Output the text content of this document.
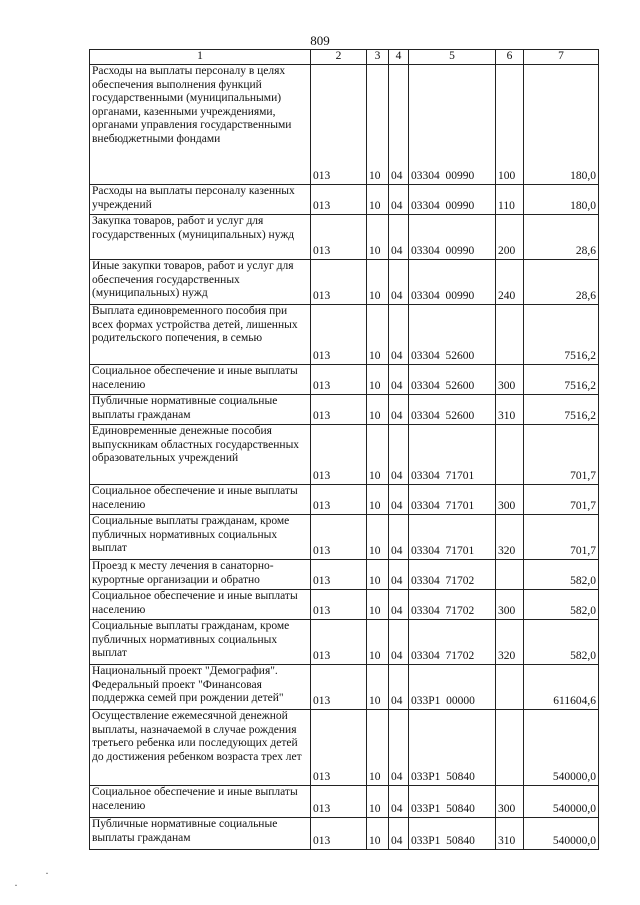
809
1	2	3	4	5	6	7
Расходы на выплаты персоналу в целях обеспечения выполнения функций государственными (муниципальными) органами, казенными учреждениями, органами управления государственными внебюджетными фондами	013	10	04	03304  00990	100	180,0
Расходы на выплаты персоналу казенных учреждений	013	10	04	03304  00990	110	180,0
Закупка товаров, работ и услуг для государственных (муниципальных) нужд	013	10	04	03304  00990	200	28,6
Иные закупки товаров, работ и услуг для обеспечения государственных (муниципальных) нужд	013	10	04	03304  00990	240	28,6
Выплата единовременного пособия при всех формах устройства детей, лишенных родительского попечения, в семью	013	10	04	03304  52600		7516,2
Социальное обеспечение и иные выплаты населению	013	10	04	03304  52600	300	7516,2
Публичные нормативные социальные выплаты гражданам	013	10	04	03304  52600	310	7516,2
Единовременные денежные пособия выпускникам областных государственных образовательных учреждений	013	10	04	03304  71701		701,7
Социальное обеспечение и иные выплаты населению	013	10	04	03304  71701	300	701,7
Социальные выплаты гражданам, кроме публичных нормативных социальных выплат	013	10	04	03304  71701	320	701,7
Проезд к месту лечения в санаторно-курортные организации и обратно	013	10	04	03304  71702		582,0
Социальное обеспечение и иные выплаты населению	013	10	04	03304  71702	300	582,0
Социальные выплаты гражданам, кроме публичных нормативных социальных выплат	013	10	04	03304  71702	320	582,0
Национальный проект "Демография". Федеральный проект "Финансовая поддержка семей при рождении детей"	013	10	04	033P1  00000		611604,6
Осуществление ежемесячной денежной выплаты, назначаемой в случае рождения третьего ребенка или последующих детей до достижения ребенком возраста трех лет	013	10	04	033P1  50840		540000,0
Социальное обеспечение и иные выплаты населению	013	10	04	033P1  50840	300	540000,0
Публичные нормативные социальные выплаты гражданам	013	10	04	033P1  50840	310	540000,0
·
·
